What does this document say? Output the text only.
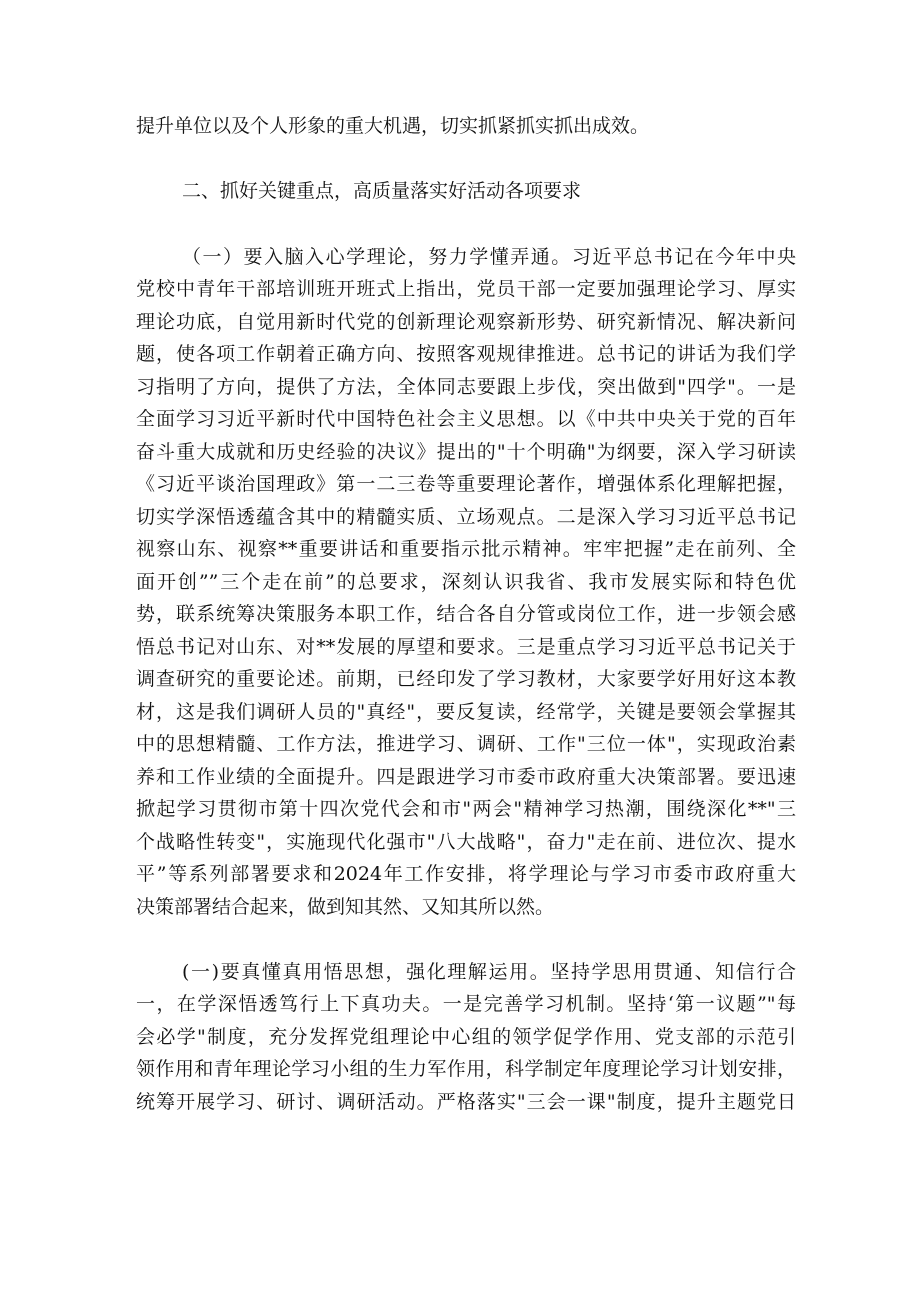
提升单位以及个人形象的重大机遇，切实抓紧抓实抓出成效。
二、抓好关键重点，高质量落实好活动各项要求
（一）要入脑入心学理论，努力学懂弄通。习近平总书记在今年中央
党校中青年干部培训班开班式上指出，党员干部一定要加强理论学习、厚实
理论功底，自觉用新时代党的创新理论观察新形势、研究新情况、解决新问
题，使各项工作朝着正确方向、按照客观规律推进。总书记的讲话为我们学
习指明了方向，提供了方法，全体同志要跟上步伐，突出做到"四学"。一是
全面学习习近平新时代中国特色社会主义思想。以《中共中央关于党的百年
奋斗重大成就和历史经验的决议》提出的"十个明确"为纲要，深入学习研读
《习近平谈治国理政》第一二三卷等重要理论著作，增强体系化理解把握，
切实学深悟透蕴含其中的精髓实质、立场观点。二是深入学习习近平总书记
视察山东、视察**重要讲话和重要指示批示精神。牢牢把握”走在前列、全
面开创””三个走在前”的总要求，深刻认识我省、我市发展实际和特色优
势，联系统筹决策服务本职工作，结合各自分管或岗位工作，进一步领会感
悟总书记对山东、对**发展的厚望和要求。三是重点学习习近平总书记关于
调查研究的重要论述。前期，已经印发了学习教材，大家要学好用好这本教
材，这是我们调研人员的"真经"，要反复读，经常学，关键是要领会掌握其
中的思想精髓、工作方法，推进学习、调研、工作"三位一体"，实现政治素
养和工作业绩的全面提升。四是跟进学习市委市政府重大决策部署。要迅速
掀起学习贯彻市第十四次党代会和市"两会"精神学习热潮，围绕深化**"三
个战略性转变"，实施现代化强市"八大战略"，奋力"走在前、进位次、提水
平”等系列部署要求和2024年工作安排，将学理论与学习市委市政府重大
决策部署结合起来，做到知其然、又知其所以然。
(一)要真懂真用悟思想，强化理解运用。坚持学思用贯通、知信行合
一，在学深悟透笃行上下真功夫。一是完善学习机制。坚持‘第一议题”"每
会必学"制度，充分发挥党组理论中心组的领学促学作用、党支部的示范引
领作用和青年理论学习小组的生力军作用，科学制定年度理论学习计划安排，
统筹开展学习、研讨、调研活动。严格落实"三会一课"制度，提升主题党日
